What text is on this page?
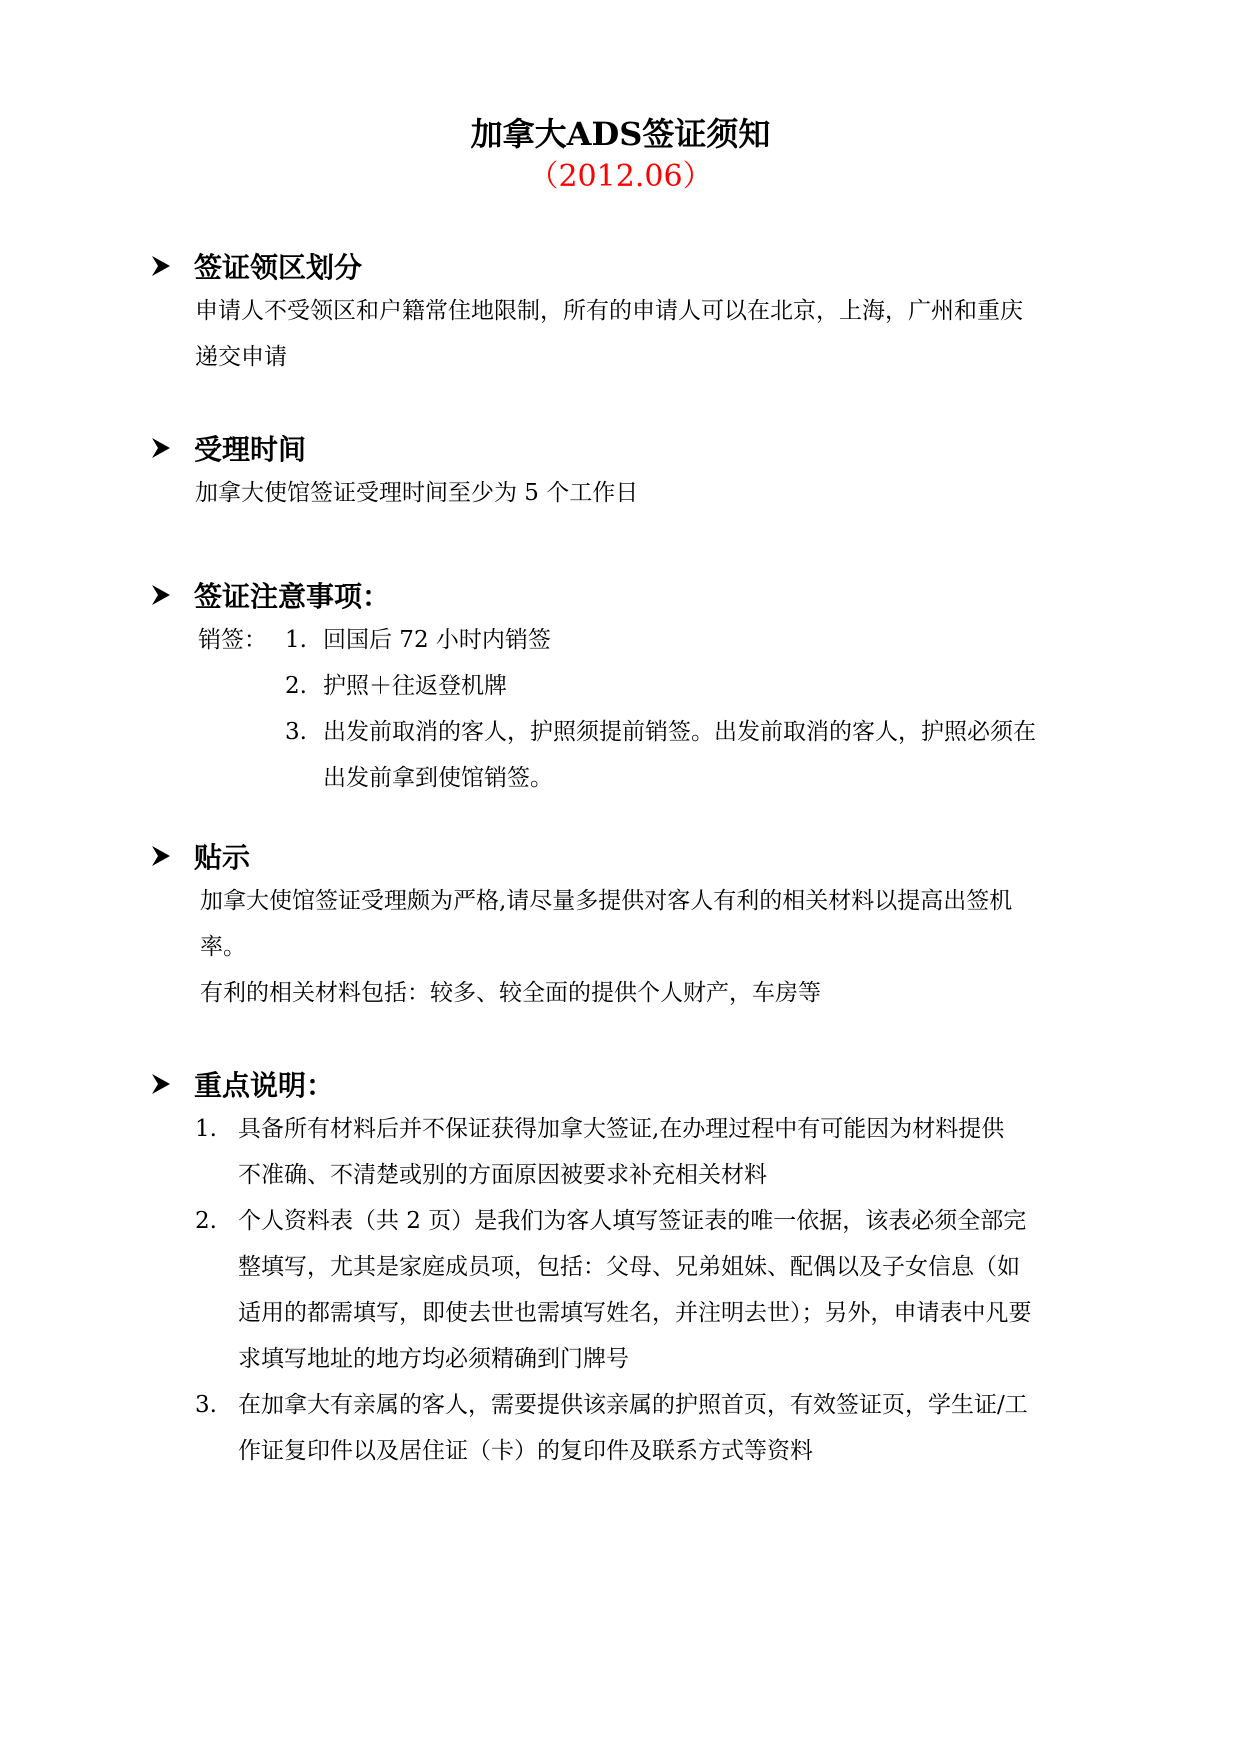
加拿大ADS签证须知
（2012.06）
签证领区划分
申请人不受领区和户籍常住地限制，所有的申请人可以在北京，上海，广州和重庆
递交申请
受理时间
加拿大使馆签证受理时间至少为 5 个工作日
签证注意事项：
销签： 1. 回国后 72 小时内销签
2. 护照＋往返登机牌
3. 出发前取消的客人，护照须提前销签。出发前取消的客人，护照必须在
出发前拿到使馆销签。
贴示
加拿大使馆签证受理颇为严格,请尽量多提供对客人有利的相关材料以提高出签机
率。
有利的相关材料包括：较多、较全面的提供个人财产，车房等
重点说明：
1. 具备所有材料后并不保证获得加拿大签证,在办理过程中有可能因为材料提供
不准确、不清楚或别的方面原因被要求补充相关材料
2. 个人资料表（共 2 页）是我们为客人填写签证表的唯一依据，该表必须全部完
整填写，尤其是家庭成员项，包括：父母、兄弟姐妹、配偶以及子女信息（如
适用的都需填写，即使去世也需填写姓名，并注明去世）；另外，申请表中凡要
求填写地址的地方均必须精确到门牌号
3. 在加拿大有亲属的客人，需要提供该亲属的护照首页，有效签证页，学生证/工
作证复印件以及居住证（卡）的复印件及联系方式等资料
